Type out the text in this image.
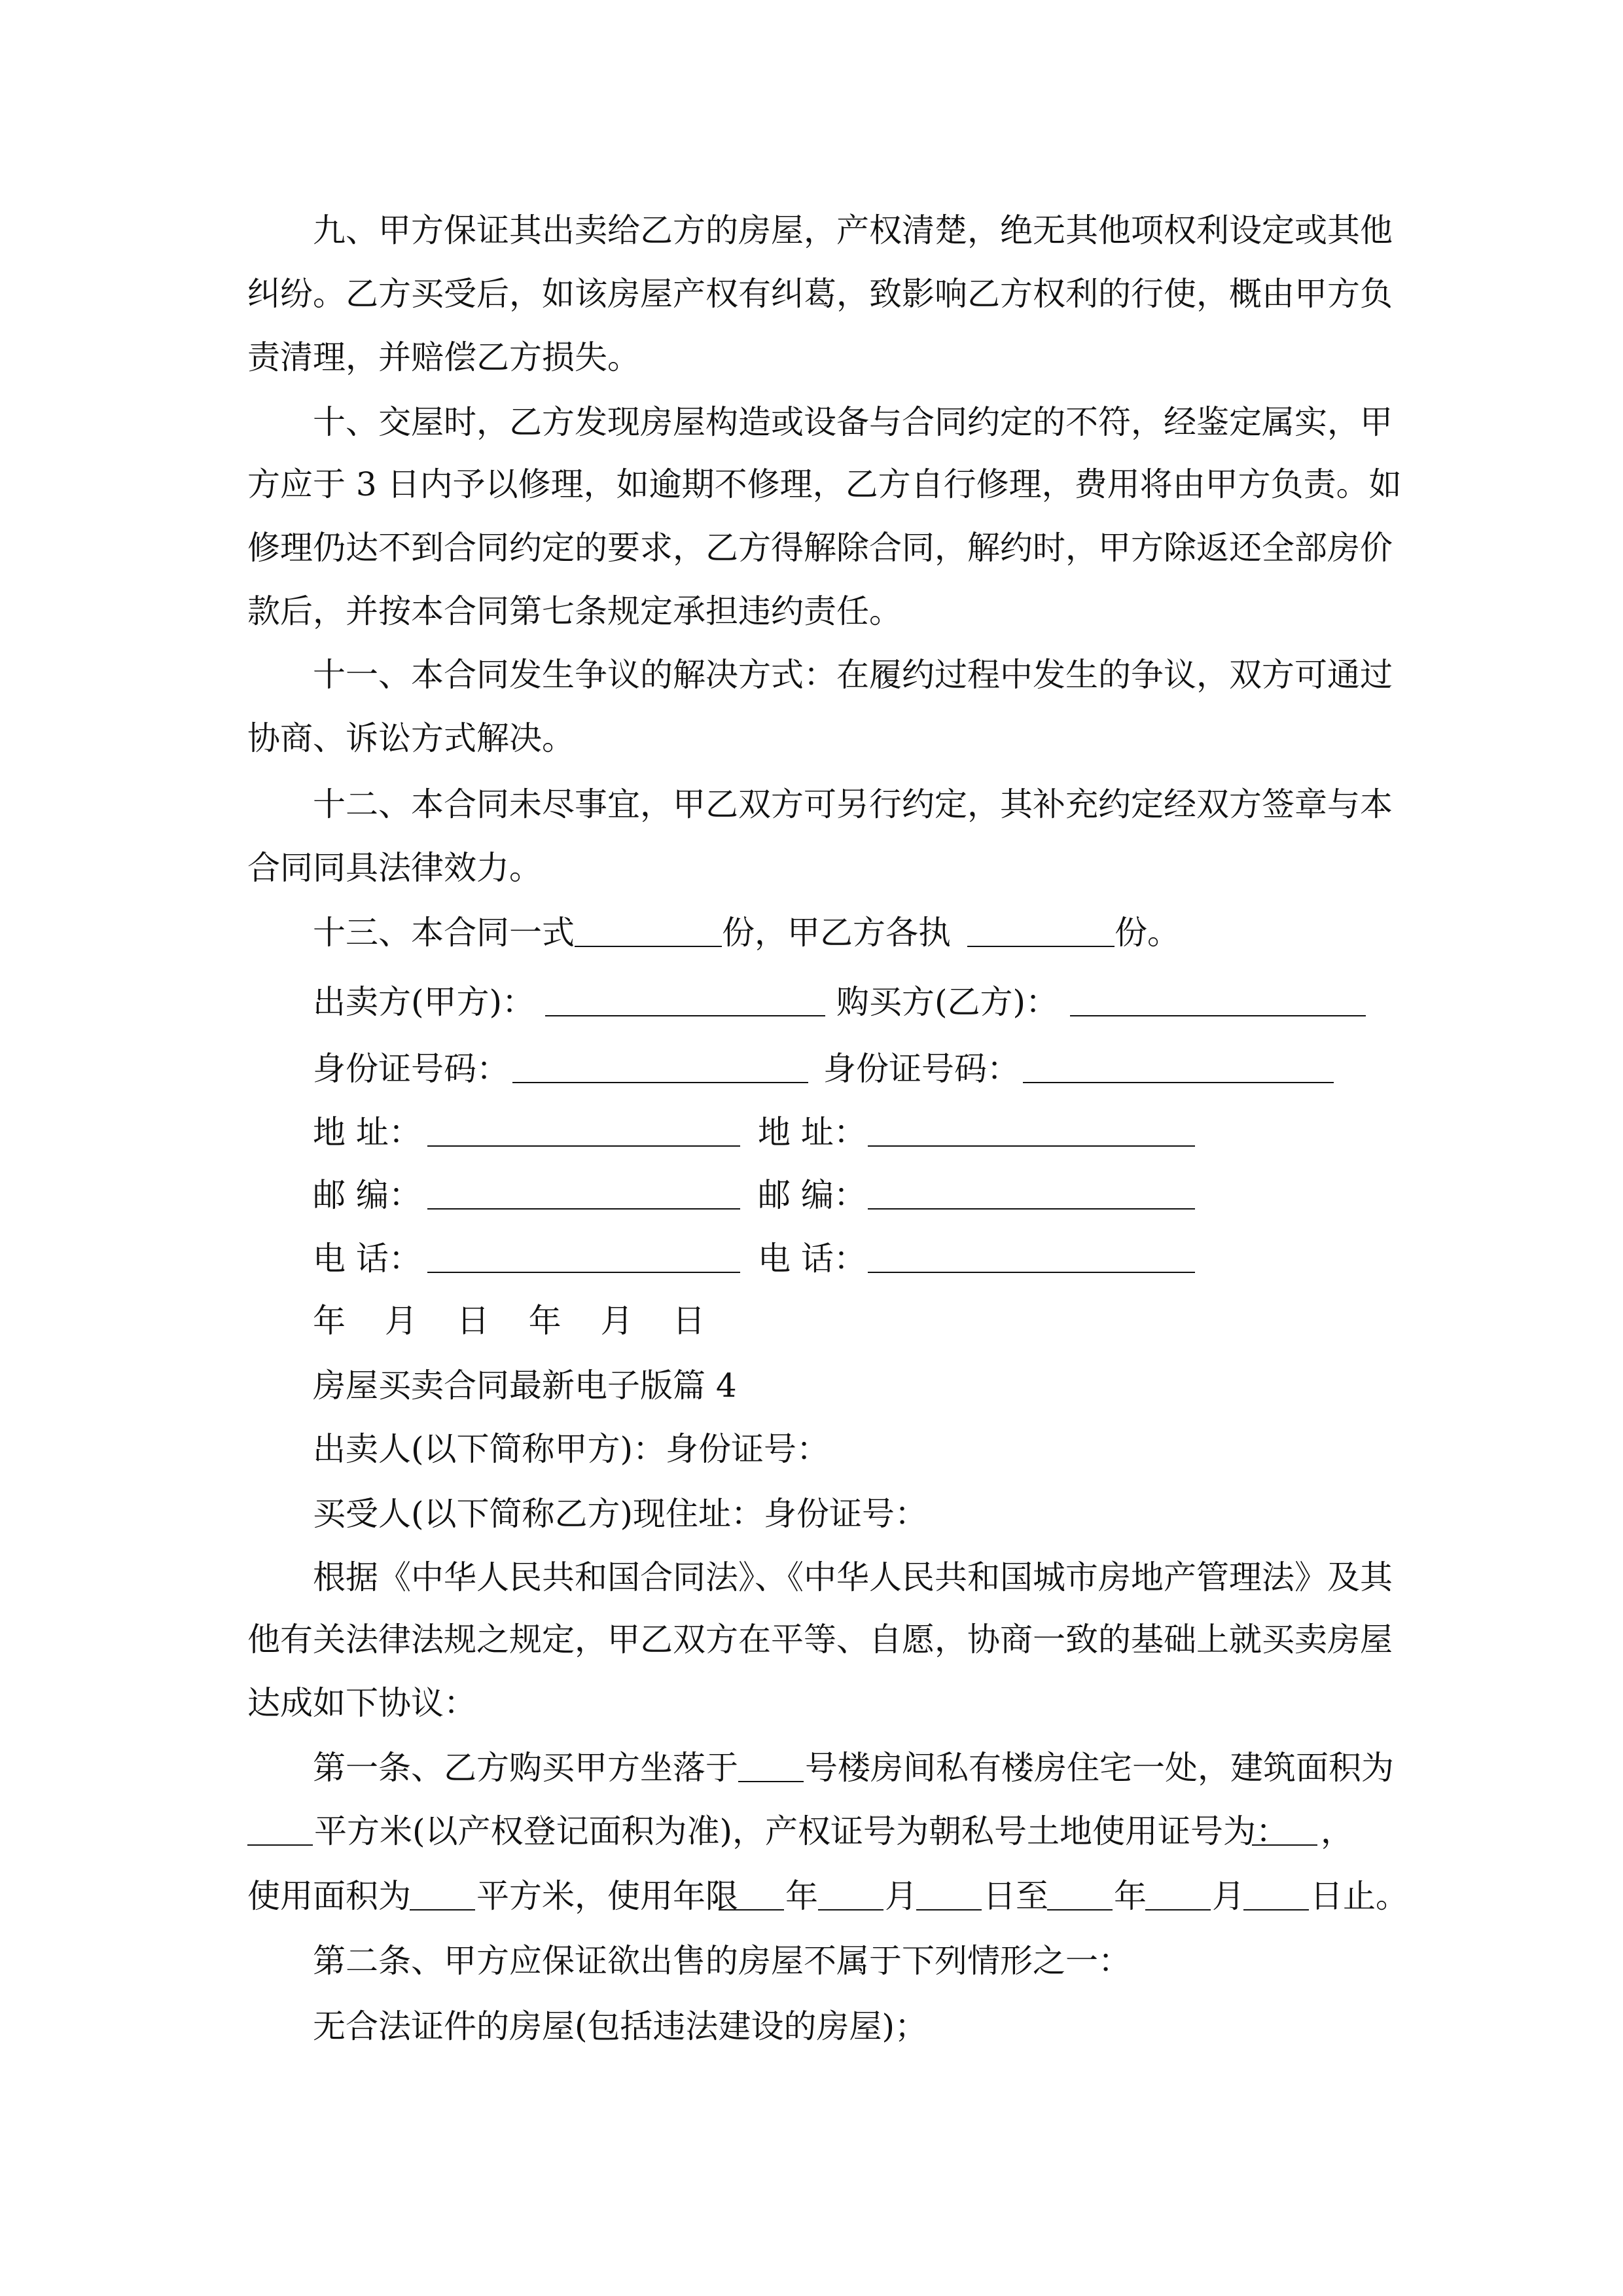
九、甲方保证其出卖给乙方的房屋，产权清楚，绝无其他项权利设定或其他
纠纷。乙方买受后，如该房屋产权有纠葛，致影响乙方权利的行使，概由甲方负
责清理，并赔偿乙方损失。
十、交屋时，乙方发现房屋构造或设备与合同约定的不符，经鉴定属实，甲
方应于 3 日内予以修理，如逾期不修理，乙方自行修理，费用将由甲方负责。如
修理仍达不到合同约定的要求，乙方得解除合同，解约时，甲方除返还全部房价
款后，并按本合同第七条规定承担违约责任。
十一、本合同发生争议的解决方式：在履约过程中发生的争议，双方可通过
协商、诉讼方式解决。
十二、本合同未尽事宜，甲乙双方可另行约定，其补充约定经双方签章与本
合同同具法律效力。
十三、本合同一式	份，甲乙方各执	份。
出卖方(甲方)：	购买方(乙方)：
身份证号码：	身份证号码：
地 址：	地 址：
邮 编：	邮 编：
电 话：	电 话：
年 月 日 年 月 日
房屋买卖合同最新电子版篇 4
出卖人(以下简称甲方)：身份证号：
买受人(以下简称乙方)现住址：身份证号：
根据《中华人民共和国合同法》、《中华人民共和国城市房地产管理法》及其
他有关法律法规之规定，甲乙双方在平等、自愿，协商一致的基础上就买卖房屋
达成如下协议：
第一条、乙方购买甲方坐落于 号楼房间私有楼房住宅一处，建筑面积为
平方米(以产权登记面积为准)，产权证号为朝私号土地使用证号为： ，
使用面积为 平方米，使用年限 年 月 日至 年 月 日止。
第二条、甲方应保证欲出售的房屋不属于下列情形之一：
无合法证件的房屋(包括违法建设的房屋)；
